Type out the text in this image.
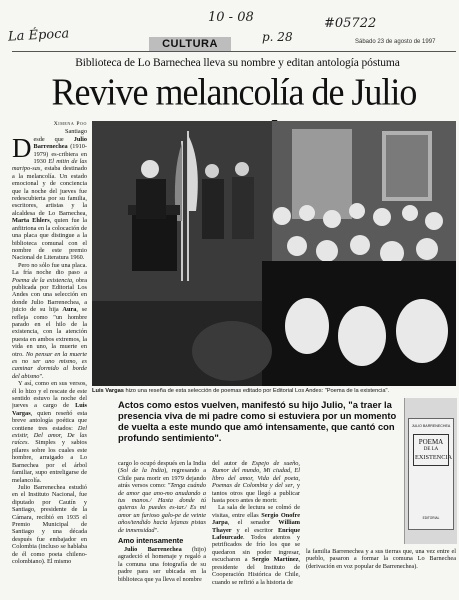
La Época
10 - 08
p. 28
#05722
CULTURA	Sábado 23 de agosto de 1997
Biblioteca de Lo Barnechea lleva su nombre y editan antología póstuma
Revive melancolía de Julio
Ximena Poo
Santiago

Desde que Julio Barrenechea (1910-1979) es-cribiera en 1930 El mitin de las maripo-sas, estaba destinado a la melancolía. Un estado emocional y de conciencia que la noche del jueves fue redescubierta por su familia, escritores, artistas y la alcaldesa de Lo Barnechea, Marta Ehlers, quien fue la anfitriona en la colocación de una placa que distingue a la biblioteca comunal con el nombre de este premio Nacional de Literatura 1960.

Pero no sólo fue una placa. La fría noche dio paso a Poema de la existencia, obra publicada por Editorial Los Andes con una selección en donde Julio Barrenechea, a juicio de su hija Aura, se refleja como "un hombre parado en el hilo de la existencia, con la atención puesta en ambos extremos, la vida en uno, la muerte en otro. No pensar en la muerte es no ser uno mismo, es caminar dormido al borde del abismo".

Y así, como en sus versos, él lo hizo y el rescate de este sentido estuvo la noche del jueves a cargo de Luis Vargas, quien reseñó esta breve antología poética que contiene tres estados: Del existir, Del amor, De las raíces. Simples y sabios pilares sobre los cuales este hombre, arraigado a Lo Barnechea por el árbol familiar, supo entreligarse de melancolía.

Julio Barrenechea estudió en el Instituto Nacional, fue diputado por Cautín y Santiago, presidente de la Cámara, recibió en 1935 el Premio Municipal de Santiago y una década después fue embajador en Colombia (incluso se hablaba de él como poeta chileno-colombiano). El mismo

Luis Vargas hizo una reseña de esta selección de poemas editado por Editorial Los Andes: "Poema de la existencia".
Actos como estos vuelven, manifestó su hijo Julio, "a traer la presencia viva de mi padre como si estuviera por un momento de vuelta a este mundo que amó intensamente, que cantó con profundo sentimiento".

cargo lo ocupó después en la India (Sol de la India), regresando a Chile para morir en 1979 dejando atrás versos como: "Tenga cuándo de amor que ano-mo anudando a tus manos./ Hasta donde tú quieras la puedes es-tar./ Es mi amor un furioso galo-pe de veinte años/tendido hacia lejanas pistas de inmensidad".

Amo intensamente

Julio Barrenechea (hijo) agradeció el homenaje y regaló a la comuna una fotografía de su padre para ser ubicada en la biblioteca que ya lleva el nombre

del autor de Espejo de sueño, Rumor del mundo, Mi ciudad, El libro del amor, Vida del poeta, Poemas de Colombia y del ser, y tantos otros que llegó a publicar hasta poco antes de morir.

La sala de lectura se colmó de visitas, entre ellas Sergio Onofre Jarpa, el senador William Thayer y el escritor Enrique Lafourcade. Todos atentos y petrificados de frío los que se quedaron sin poder ingresar, escucharon a Sergio Martínez, presidente del Instituto de Cooperación Histórica de Chile, cuando se refirió a la historia de

JULIO BARRENECHEA
POEMA
DE LA
EXISTENCIA
EDITORIAL

la familia Barrenechea y a sus tierras que, una vez entre el pueblo, pasaron a formar la comuna Lo Barnechea (derivación en voz popular de Barrenechea).
